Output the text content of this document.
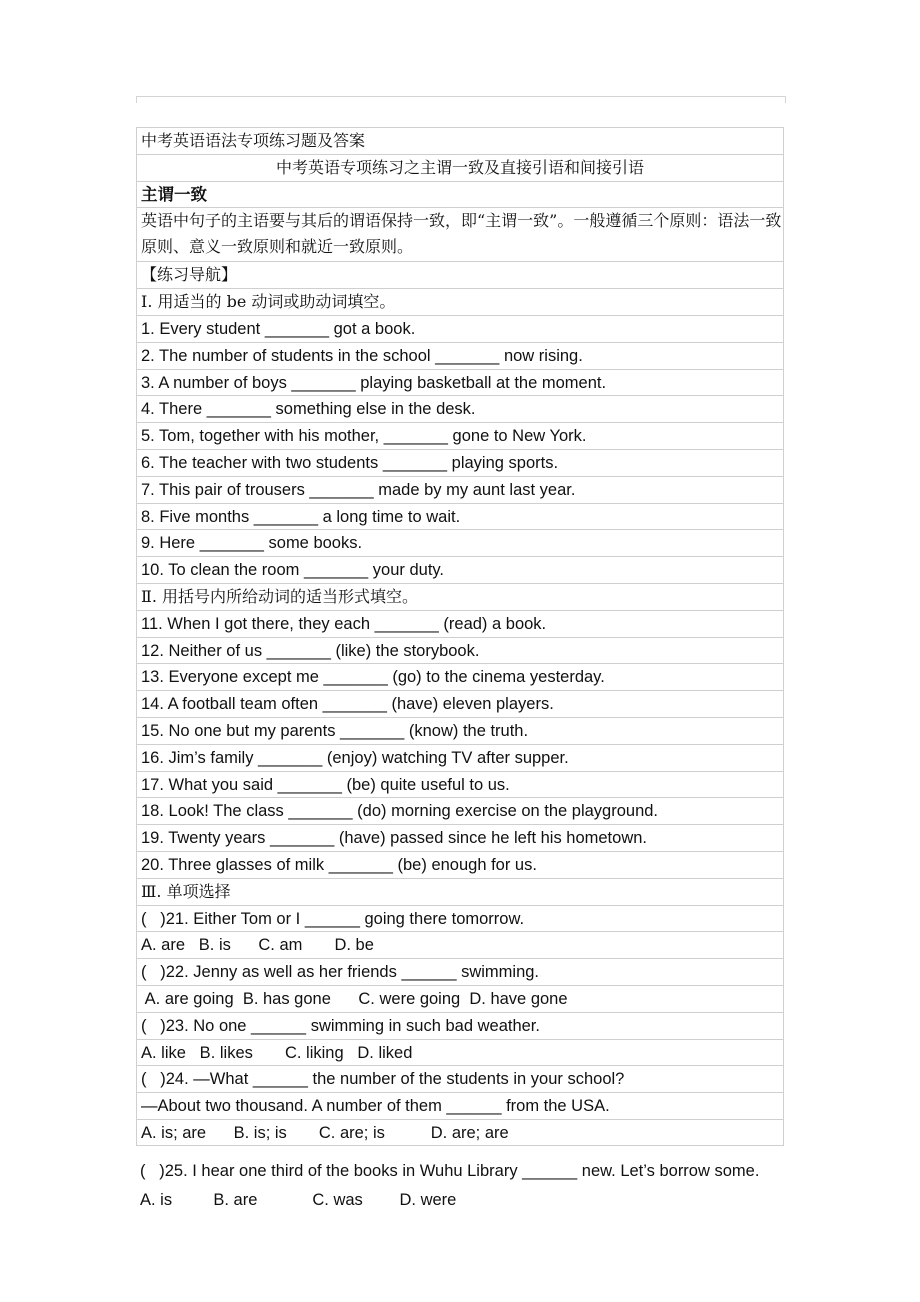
中考英语语法专项练习题及答案
中考英语专项练习之主谓一致及直接引语和间接引语
主谓一致
英语中句子的主语要与其后的谓语保持一致，即“主谓一致”。一般遵循三个原则：语法一致原则、意义一致原则和就近一致原则。
【练习导航】
Ⅰ. 用适当的 be 动词或助动词填空。
1. Every student _______ got a book.
2. The number of students in the school _______ now rising.
3. A number of boys _______ playing basketball at the moment.
4. There _______ something else in the desk.
5. Tom, together with his mother, _______ gone to New York.
6. The teacher with two students _______ playing sports.
7. This pair of trousers _______ made by my aunt last year.
8. Five months _______ a long time to wait.
9. Here _______ some books.
10. To clean the room _______ your duty.
Ⅱ. 用括号内所给动词的适当形式填空。
11. When I got there, they each _______ (read) a book.
12. Neither of us _______ (like) the storybook.
13. Everyone except me _______ (go) to the cinema yesterday.
14. A football team often _______ (have) eleven players.
15. No one but my parents _______ (know) the truth.
16. Jim’s family _______ (enjoy) watching TV after supper.
17. What you said _______ (be) quite useful to us.
18. Look! The class _______ (do) morning exercise on the playground.
19. Twenty years _______ (have) passed since he left his hometown.
20. Three glasses of milk _______ (be) enough for us.
Ⅲ. 单项选择
(   )21. Either Tom or I ______ going there tomorrow.
A. are   B. is      C. am       D. be
(   )22. Jenny as well as her friends ______ swimming.
A. are going  B. has gone      C. were going  D. have gone
(   )23. No one ______ swimming in such bad weather.
A. like   B. likes       C. liking   D. liked
(   )24. —What ______ the number of the students in your school?
—About two thousand. A number of them ______ from the USA.
A. is; are      B. is; is       C. are; is          D. are; are

(   )25. I hear one third of the books in Wuhu Library ______ new. Let’s borrow some.

A. is         B. are            C. was        D. were
